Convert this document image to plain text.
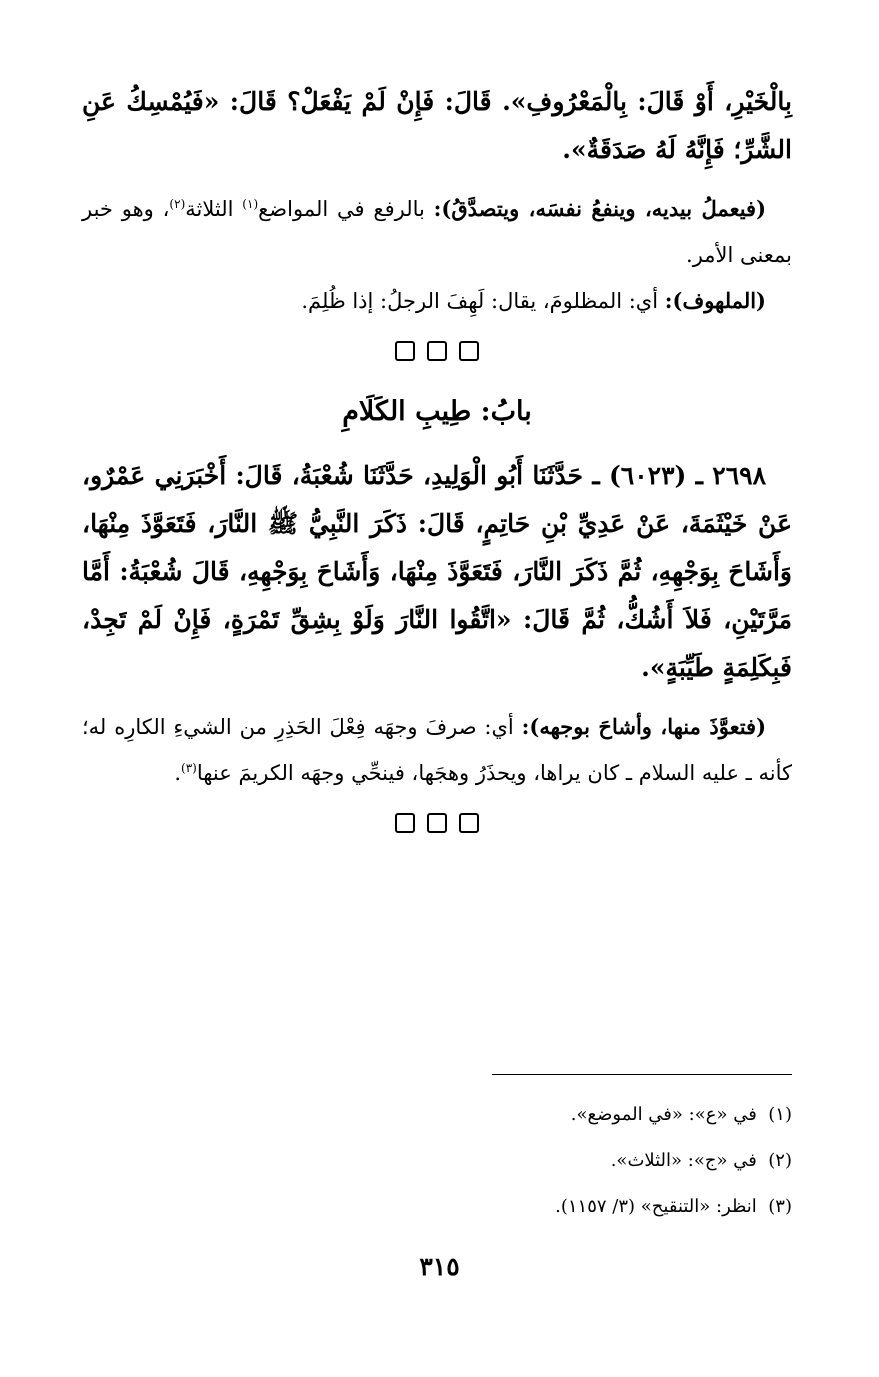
بِالْخَيْرِ، أَوْ قَالَ: بِالْمَعْرُوفِ». قَالَ: فَإِنْ لَمْ يَفْعَلْ؟ قَالَ: «فَيُمْسِكُ عَنِ الشَّرِّ؛ فَإِنَّهُ لَهُ صَدَقَةٌ».

(فيعملُ بيديه، وينفعُ نفسَه، ويتصدَّقُ): بالرفع في المواضع$^{(١)}$ الثلاثة$^{(٢)}$، وهو خبر بمعنى الأمر.

(الملهوف): أي: المظلومَ، يقال: لَهِفَ الرجلُ: إذا ظُلِمَ.

بابُ: طِيبِ الكَلَامِ

٢٦٩٨ ـ (٦٠٢٣) ـ حَدَّثَنَا أَبُو الْوَلِيدِ، حَدَّثَنَا شُعْبَةُ، قَالَ: أَخْبَرَنِي عَمْرٌو، عَنْ خَيْثَمَةَ، عَنْ عَدِيِّ بْنِ حَاتِمٍ، قَالَ: ذَكَرَ النَّبِيُّ ﷺ النَّارَ، فَتَعَوَّذَ مِنْهَا، وَأَشَاحَ بِوَجْهِهِ، ثُمَّ ذَكَرَ النَّارَ، فَتَعَوَّذَ مِنْهَا، وَأَشَاحَ بِوَجْهِهِ، قَالَ شُعْبَةُ: أَمَّا مَرَّتَيْنِ، فَلاَ أَشُكُّ، ثُمَّ قَالَ: «اتَّقُوا النَّارَ وَلَوْ بِشِقِّ تَمْرَةٍ، فَإِنْ لَمْ تَجِدْ، فَبِكَلِمَةٍ طَيِّبَةٍ».

(فتعوَّذَ منها، وأشاحَ بوجهه): أي: صرفَ وجهَه فِعْلَ الحَذِرِ من الشيءِ الكارِه له؛ كأنه ـ عليه السلام ـ كان يراها، ويحذَرُ وهجَها، فينحِّي وجهَه الكريمَ عنها$^{(٣)}$.

(١)  في «ع»: «في الموضع».

(٢)  في «ج»: «الثلاث».

(٣)  انظر: «التنقيح» (٣/ ١١٥٧).

٣١٥
